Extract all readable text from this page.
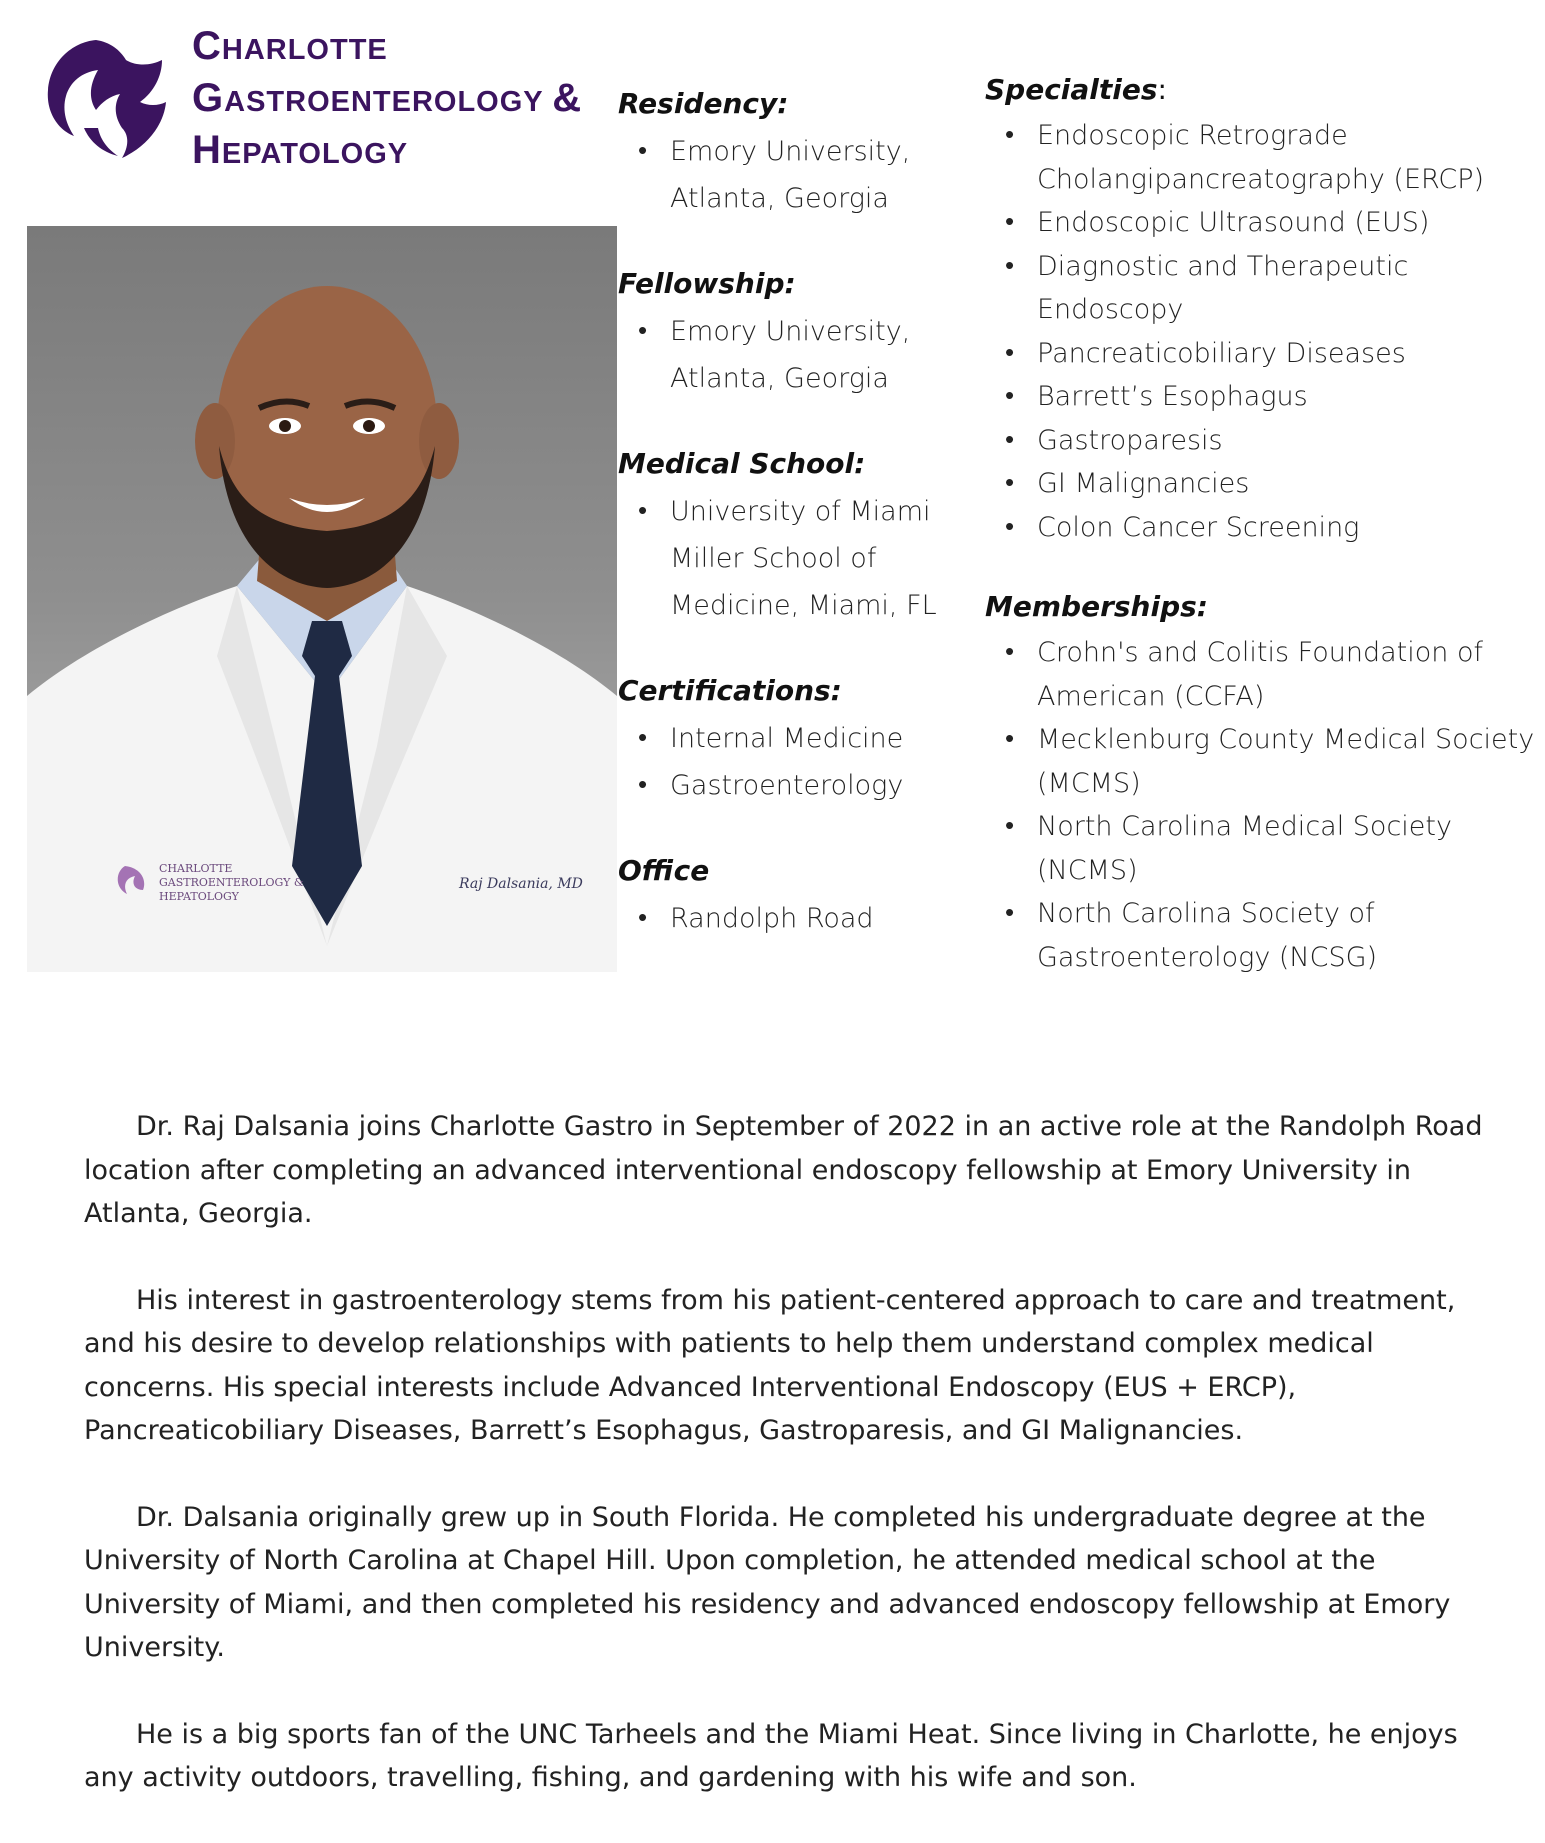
CHARLOTTE
GASTROENTEROLOGY &
HEPATOLOGY
CHARLOTTE
GASTROENTEROLOGY &
HEPATOLOGY
Raj Dalsania, MD
Residency:
• Emory University, Atlanta, Georgia
Fellowship:
• Emory University, Atlanta, Georgia
Medical School:
• University of Miami Miller School of Medicine, Miami, FL
Certifications:
• Internal Medicine
• Gastroenterology
Office
• Randolph Road
Specialties:
• Endoscopic Retrograde Cholangipancreatography (ERCP)
• Endoscopic Ultrasound (EUS)
• Diagnostic and Therapeutic Endoscopy
• Pancreaticobiliary Diseases
• Barrett’s Esophagus
• Gastroparesis
• GI Malignancies
• Colon Cancer Screening
Memberships:
• Crohn's and Colitis Foundation of American (CCFA)
• Mecklenburg County Medical Society (MCMS)
• North Carolina Medical Society (NCMS)
• North Carolina Society of Gastroenterology (NCSG)

Dr. Raj Dalsania joins Charlotte Gastro in September of 2022 in an active role at the Randolph Road location after completing an advanced interventional endoscopy fellowship at Emory University in Atlanta, Georgia.

His interest in gastroenterology stems from his patient-centered approach to care and treatment, and his desire to develop relationships with patients to help them understand complex medical concerns. His special interests include Advanced Interventional Endoscopy (EUS + ERCP), Pancreaticobiliary Diseases, Barrett’s Esophagus, Gastroparesis, and GI Malignancies.

Dr. Dalsania originally grew up in South Florida. He completed his undergraduate degree at the University of North Carolina at Chapel Hill. Upon completion, he attended medical school at the University of Miami, and then completed his residency and advanced endoscopy fellowship at Emory University.

He is a big sports fan of the UNC Tarheels and the Miami Heat. Since living in Charlotte, he enjoys any activity outdoors, travelling, fishing, and gardening with his wife and son.
